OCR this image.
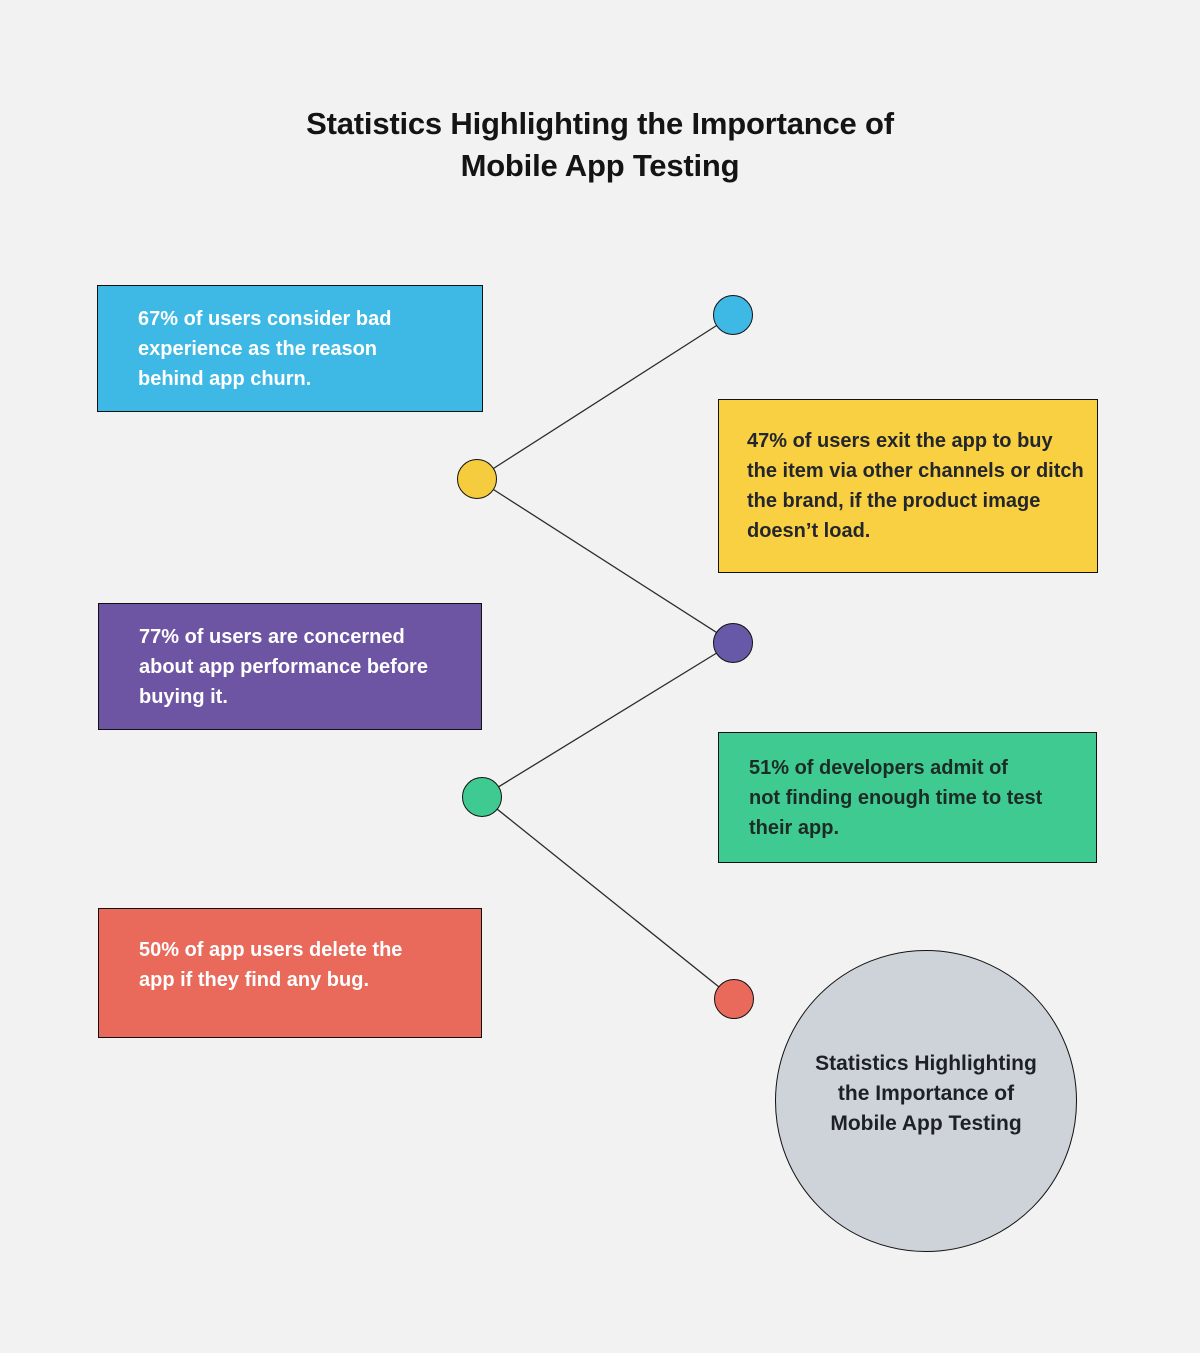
Statistics Highlighting the Importance of
Mobile App Testing
67% of users consider bad experience as the reason behind app churn.
47% of users exit the app to buy the item via other channels or ditch the brand, if the product image doesn’t load.
77% of users are concerned about app performance before buying it.
51% of developers admit of not finding enough time to test their app.
50% of app users delete the app if they find any bug.
Statistics Highlighting
the Importance of
Mobile App Testing
